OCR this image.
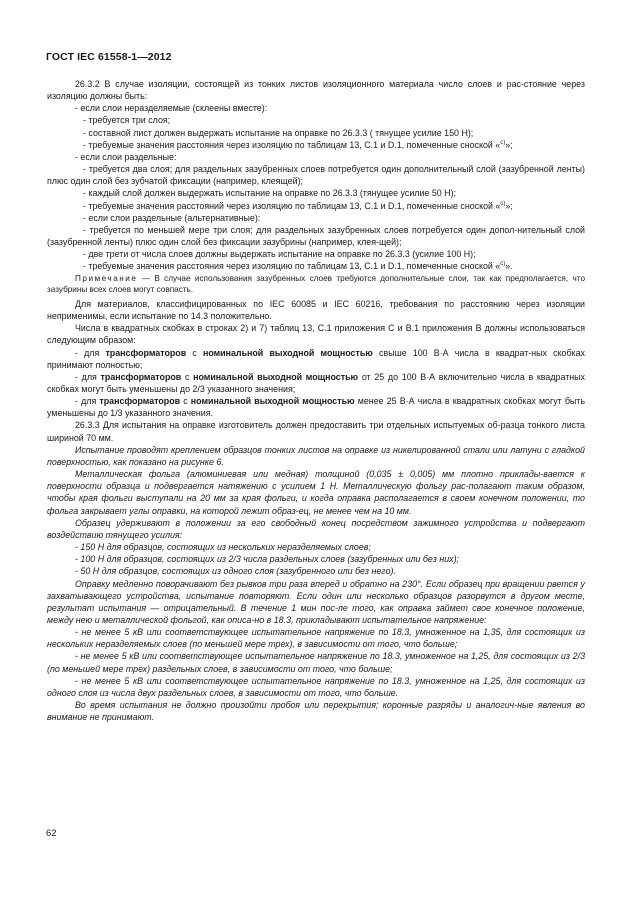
ГОСТ IEC 61558-1—2012

26.3.2 В случае изоляции, состоящей из тонких листов изоляционного материала число слоев и рас-стояние через изоляцию должны быть:

- если слои неразделяемые (склеены вместе):

- требуется три слоя;

- составной лист должен выдержать испытание на оправке по 26.3.3 ( тянущее усилие 150 Н);

- требуемые значения расстояния через изоляцию по таблицам 13, С.1 и D.1, помеченные сноской «$^{с)}$»;

- если слои раздельные:

- требуется два слоя; для раздельных зазубренных слоев потребуется один дополнительный слой (зазубренной ленты) плюс один слой без зубчатой фиксации (например, клеящей);

- каждый слой должен выдержать испытание на оправке по 26.3.3 (тянущее усилие 50 Н);

- требуемые значения расстояний через изоляцию по таблицам 13, С.1 и D.1, помеченные сноской «$^{с)}$»;

- если слои раздельные (альтернативные):

- требуется по меньшей мере три слоя; для раздельных зазубренных слоев потребуется один допол-нительный слой (зазубренной ленты) плюс один слой без фиксации зазубрины (например, клея-щей);

- две трети от числа слоев должны выдержать испытание на оправке по 26.3.3 (усилие 100 Н);

- требуемые значения расстояния через изоляцию по таблицам 13, С.1 и D.1, помеченные сноской «$^{с)}$».

Примечание — В случае использования зазубренных слоев требуются дополнительные слои, так как предполагается, что зазубрины всех слоев могут совпасть.

Для материалов, классифицированных по IEC 60085 и IEC 60216, требования по расстоянию через изоляции неприменимы, если испытание по 14.3 положительно.

Числа в квадратных скобках в строках 2) и 7) таблиц 13, С.1 приложения С и В.1 приложения В должны использоваться следующим образом:

- для трансформаторов с номинальной выходной мощностью свыше 100 В·А числа в квадрат-ных скобках принимают полностью;

- для трансформаторов с номинальной выходной мощностью от 25 до 100 В·А включительно числа в квадратных скобках могут быть уменьшены до 2/3 указанного значения;

- для трансформаторов с номинальной выходной мощностью менее 25 В·А числа в квадратных скобках могут быть уменьшены до 1/3 указанного значения.

26.3.3 Для испытания на оправке изготовитель должен предоставить три отдельных испытуемых об-разца тонкого листа шириной 70 мм.

Испытание проводят креплением образцов тонких листов на оправке из никелированной стали или латуни с гладкой поверхностью, как показано на рисунке 6.

Металлическая фольга (алюминиевая или медная) толщиной (0,035 ± 0,005) мм плотно приклады-вается к поверхности образца и подвергается натяжению с усилием 1 Н. Металлическую фольгу рас-полагают таким образом, чтобы края фольги выступали на 20 мм за края фольги, и когда оправка располагается в своем конечном положении, то фольга закрывает углы оправки, на которой лежит образ-ец, не менее чем на 10 мм.

Образец удерживают в положении за его свободный конец посредством зажимного устройства и подвергают воздействию тянущего усилия:

- 150 Н для образцов, состоящих из нескольких неразделяемых слоев;

- 100 Н для образцов, состоящих из 2/3 числа раздельных слоев (зазубренных или без них);

- 50 Н для образцов, состоящих из одного слоя (зазубренного или без него).

Оправку медленно поворачивают без рывков три раза вперед и обратно на 230°. Если образец при вращении рвется у захватывающего устройства, испытание повторяют. Если один или несколько образцов разорвутся в другом месте, результат испытания — отрицательный. В течение 1 мин пос-ле того, как оправка займет свое конечное положение, между нею и металлической фольгой, как описа-но в 18.3, прикладывают испытательное напряжение:

- не менее 5 кВ или соответствующее испытательное напряжение по 18.3, умноженное на 1,35, для состоящих из нескольких неразделяемых слоев (по меньшей мере трех), в зависимости от того, что больше;

- не менее 5 кВ или соответствующее испытательное напряжение по 18.3, умноженное на 1,25, для состоящих из 2/3 (по меньшей мере трех) раздельных слоев, в зависимости от того, что больше;

- не менее 5 кВ или соответствующее испытательное напряжение по 18.3, умноженное на 1,25, для состоящих из одного слоя из числа двух раздельных слоев, в зависимости от того, что больше.

Во время испытания не должно произойти пробоя или перекрытия; коронные разряды и аналогич-ные явления во внимание не принимают.

62
